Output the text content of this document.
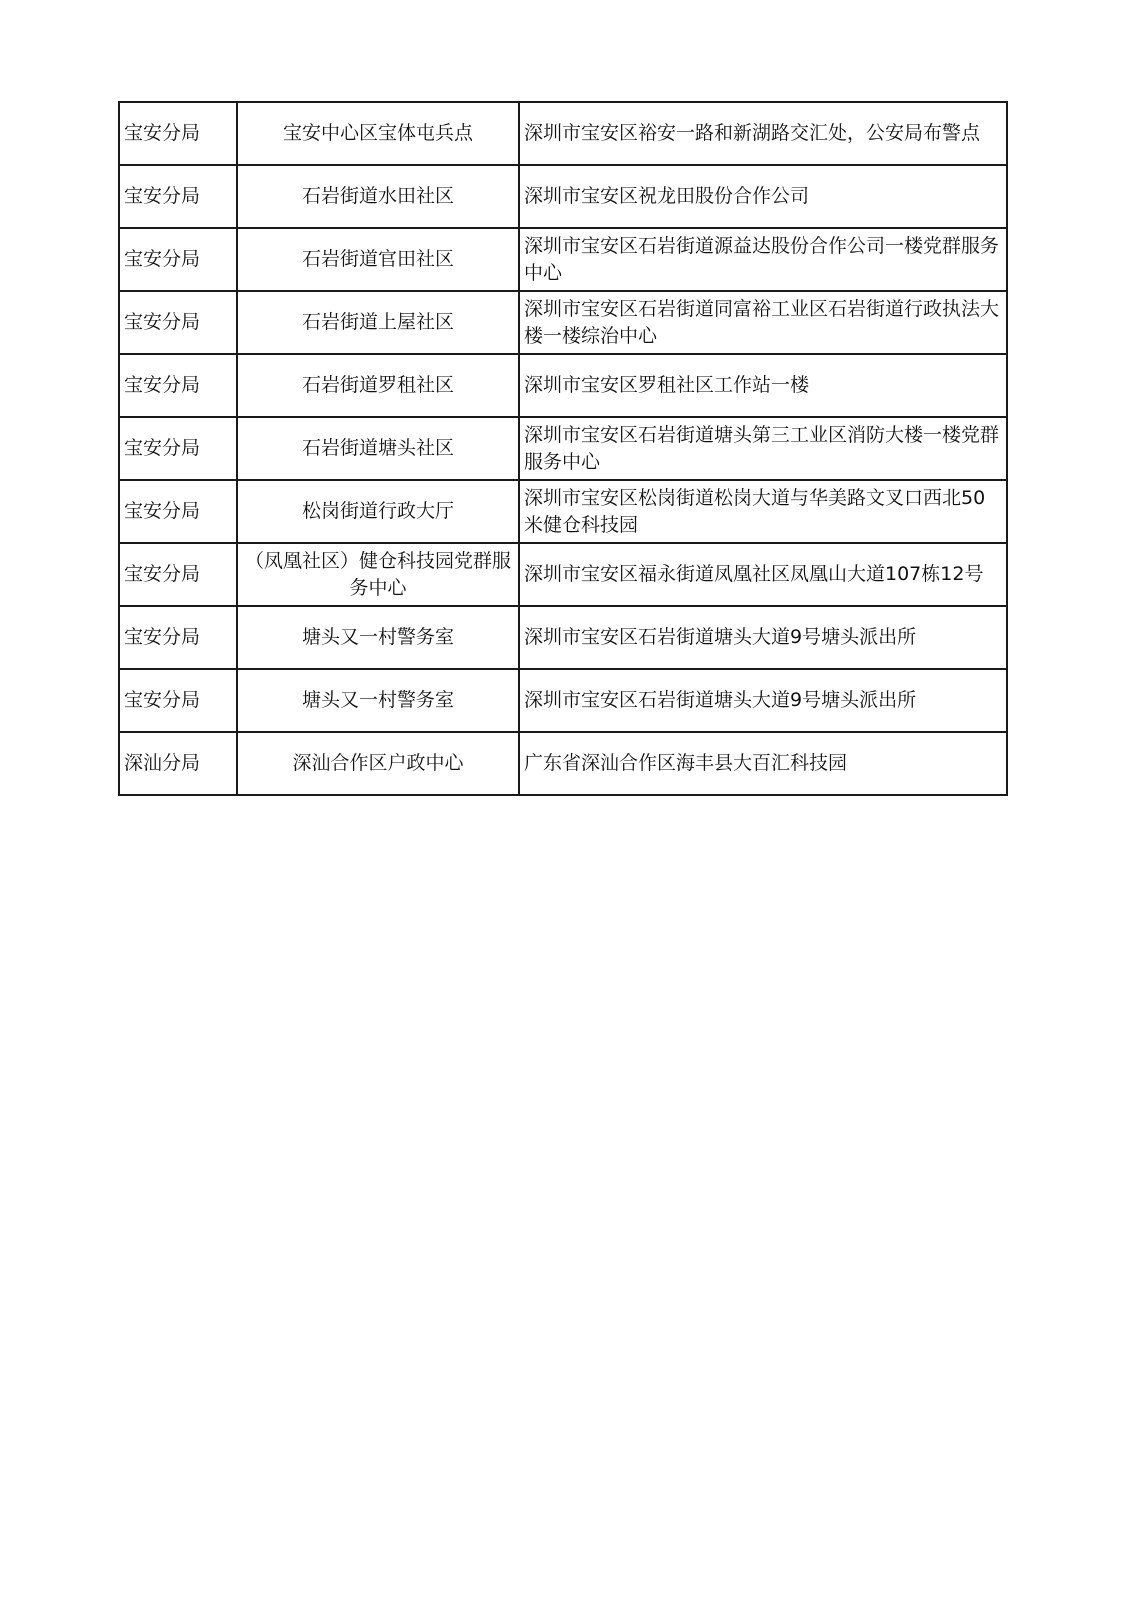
宝安分局	宝安中心区宝体屯兵点	深圳市宝安区裕安一路和新湖路交汇处，公安局布警点
宝安分局	石岩街道水田社区	深圳市宝安区祝龙田股份合作公司
宝安分局	石岩街道官田社区	深圳市宝安区石岩街道源益达股份合作公司一楼党群服务中心
宝安分局	石岩街道上屋社区	深圳市宝安区石岩街道同富裕工业区石岩街道行政执法大楼一楼综治中心
宝安分局	石岩街道罗租社区	深圳市宝安区罗租社区工作站一楼
宝安分局	石岩街道塘头社区	深圳市宝安区石岩街道塘头第三工业区消防大楼一楼党群服务中心
宝安分局	松岗街道行政大厅	深圳市宝安区松岗街道松岗大道与华美路文叉口西北50米健仓科技园
宝安分局	（凤凰社区）健仓科技园党群服务中心	深圳市宝安区福永街道凤凰社区凤凰山大道107栋12号
宝安分局	塘头又一村警务室	深圳市宝安区石岩街道塘头大道9号塘头派出所
宝安分局	塘头又一村警务室	深圳市宝安区石岩街道塘头大道9号塘头派出所
深汕分局	深汕合作区户政中心	广东省深汕合作区海丰县大百汇科技园
